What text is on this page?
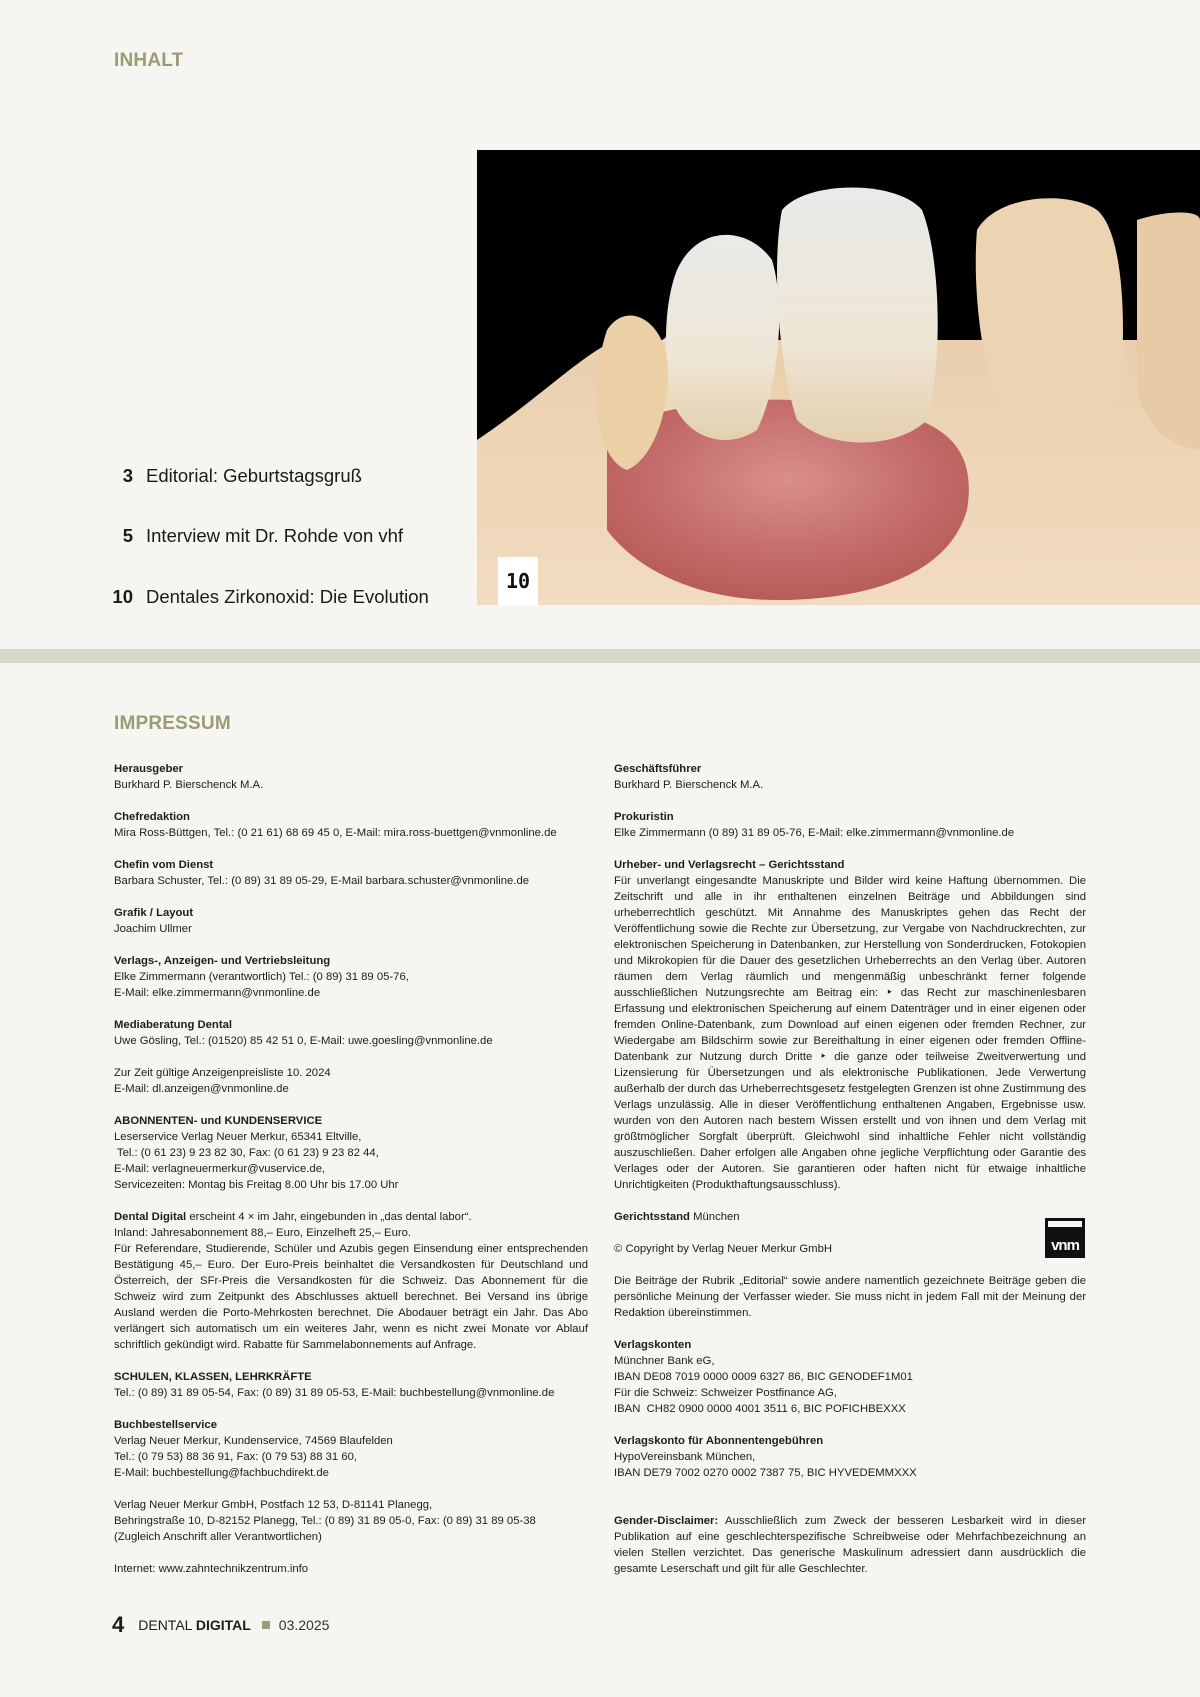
INHALT
3 Editorial: Geburtstagsgruß
5 Interview mit Dr. Rohde von vhf
10 Dentales Zirkonoxid: Die Evolution
10
IMPRESSUM
Herausgeber
Burkhard P. Bierschenck M.A.
Chefredaktion
Mira Ross-Büttgen, Tel.: (0 21 61) 68 69 45 0, E-Mail: mira.ross-buettgen@vnmonline.de
Chefin vom Dienst
Barbara Schuster, Tel.: (0 89) 31 89 05-29, E-Mail barbara.schuster@vnmonline.de
Grafik / Layout
Joachim Ullmer
Verlags-, Anzeigen- und Vertriebsleitung
Elke Zimmermann (verantwortlich) Tel.: (0 89) 31 89 05-76,
E-Mail: elke.zimmermann@vnmonline.de
Mediaberatung Dental
Uwe Gösling, Tel.: (01520) 85 42 51 0, E-Mail: uwe.goesling@vnmonline.de
Zur Zeit gültige Anzeigenpreisliste 10. 2024
E-Mail: dl.anzeigen@vnmonline.de
ABONNENTEN- und KUNDENSERVICE
Leserservice Verlag Neuer Merkur, 65341 Eltville,
Tel.: (0 61 23) 9 23 82 30, Fax: (0 61 23) 9 23 82 44,
E-Mail: verlagneuermerkur@vuservice.de,
Servicezeiten: Montag bis Freitag 8.00 Uhr bis 17.00 Uhr
Dental Digital erscheint 4 × im Jahr, eingebunden in „das dental labor“.
Inland: Jahresabonnement 88,– Euro, Einzelheft 25,– Euro.
Für Referendare, Studierende, Schüler und Azubis gegen Einsendung einer entsprechenden Bestätigung 45,– Euro. Der Euro-Preis beinhaltet die Versandkosten für Deutschland und Österreich, der SFr-Preis die Versandkosten für die Schweiz. Das Abonnement für die Schweiz wird zum Zeitpunkt des Abschlusses aktuell berechnet. Bei Versand ins übrige Ausland werden die Porto-Mehrkosten berechnet. Die Abodauer beträgt ein Jahr. Das Abo verlängert sich automatisch um ein weiteres Jahr, wenn es nicht zwei Monate vor Ablauf schriftlich gekündigt wird. Rabatte für Sammelabonnements auf Anfrage.
SCHULEN, KLASSEN, LEHRKRÄFTE
Tel.: (0 89) 31 89 05-54, Fax: (0 89) 31 89 05-53, E-Mail: buchbestellung@vnmonline.de
Buchbestellservice
Verlag Neuer Merkur, Kundenservice, 74569 Blaufelden
Tel.: (0 79 53) 88 36 91, Fax: (0 79 53) 88 31 60,
E-Mail: buchbestellung@fachbuchdirekt.de
Verlag Neuer Merkur GmbH, Postfach 12 53, D-81141 Planegg,
Behringstraße 10, D-82152 Planegg, Tel.: (0 89) 31 89 05-0, Fax: (0 89) 31 89 05-38
(Zugleich Anschrift aller Verantwortlichen)
Internet: www.zahntechnikzentrum.info
Geschäftsführer
Burkhard P. Bierschenck M.A.
Prokuristin
Elke Zimmermann (0 89) 31 89 05-76, E-Mail: elke.zimmermann@vnmonline.de
Urheber- und Verlagsrecht – Gerichtsstand
Für unverlangt eingesandte Manuskripte und Bilder wird keine Haftung übernommen. Die Zeitschrift und alle in ihr enthaltenen einzelnen Beiträge und Abbildungen sind urheberrechtlich geschützt. Mit Annahme des Manuskriptes gehen das Recht der Veröffentlichung sowie die Rechte zur Übersetzung, zur Vergabe von Nachdruckrechten, zur elektronischen Speicherung in Datenbanken, zur Herstellung von Sonderdrucken, Fotokopien und Mikrokopien für die Dauer des gesetzlichen Urheberrechts an den Verlag über. Autoren räumen dem Verlag räumlich und mengenmäßig unbeschränkt ferner folgende ausschließlichen Nutzungsrechte am Beitrag ein: ‣ das Recht zur maschinenlesbaren Erfassung und elektronischen Speicherung auf einem Datenträger und in einer eigenen oder fremden Online-Datenbank, zum Download auf einen eigenen oder fremden Rechner, zur Wiedergabe am Bildschirm sowie zur Bereithaltung in einer eigenen oder fremden Offline-Datenbank zur Nutzung durch Dritte ‣ die ganze oder teilweise Zweitverwertung und Lizensierung für Übersetzungen und als elektronische Publikationen. Jede Verwertung außerhalb der durch das Urheberrechtsgesetz festgelegten Grenzen ist ohne Zustimmung des Verlags unzulässig. Alle in dieser Veröffentlichung enthaltenen Angaben, Ergebnisse usw. wurden von den Autoren nach bestem Wissen erstellt und von ihnen und dem Verlag mit größtmöglicher Sorgfalt überprüft. Gleichwohl sind inhaltliche Fehler nicht vollständig auszuschließen. Daher erfolgen alle Angaben ohne jegliche Verpflichtung oder Garantie des Verlages oder der Autoren. Sie garantieren oder haften nicht für etwaige inhaltliche Unrichtigkeiten (Produkthaftungsausschluss).
Gerichtsstand München
© Copyright by Verlag Neuer Merkur GmbH
Die Beiträge der Rubrik „Editorial“ sowie andere namentlich gezeichnete Beiträge geben die persönliche Meinung der Verfasser wieder. Sie muss nicht in jedem Fall mit der Meinung der Redaktion übereinstimmen.
Verlagskonten
Münchner Bank eG,
IBAN DE08 7019 0000 0009 6327 86, BIC GENODEF1M01
Für die Schweiz: Schweizer Postfinance AG,
IBAN  CH82 0900 0000 4001 3511 6, BIC POFICHBEXXX
Verlagskonto für Abonnentengebühren
HypoVereinsbank München,
IBAN DE79 7002 0270 0002 7387 75, BIC HYVEDEMMXXX
Gender-Disclaimer: Ausschließlich zum Zweck der besseren Lesbarkeit wird in dieser Publikation auf eine geschlechterspezifische Schreibweise oder Mehrfachbezeichnung an vielen Stellen verzichtet. Das generische Maskulinum adressiert dann ausdrücklich die gesamte Leserschaft und gilt für alle Geschlechter.
vnm
4 DENTAL DIGITAL 03.2025
